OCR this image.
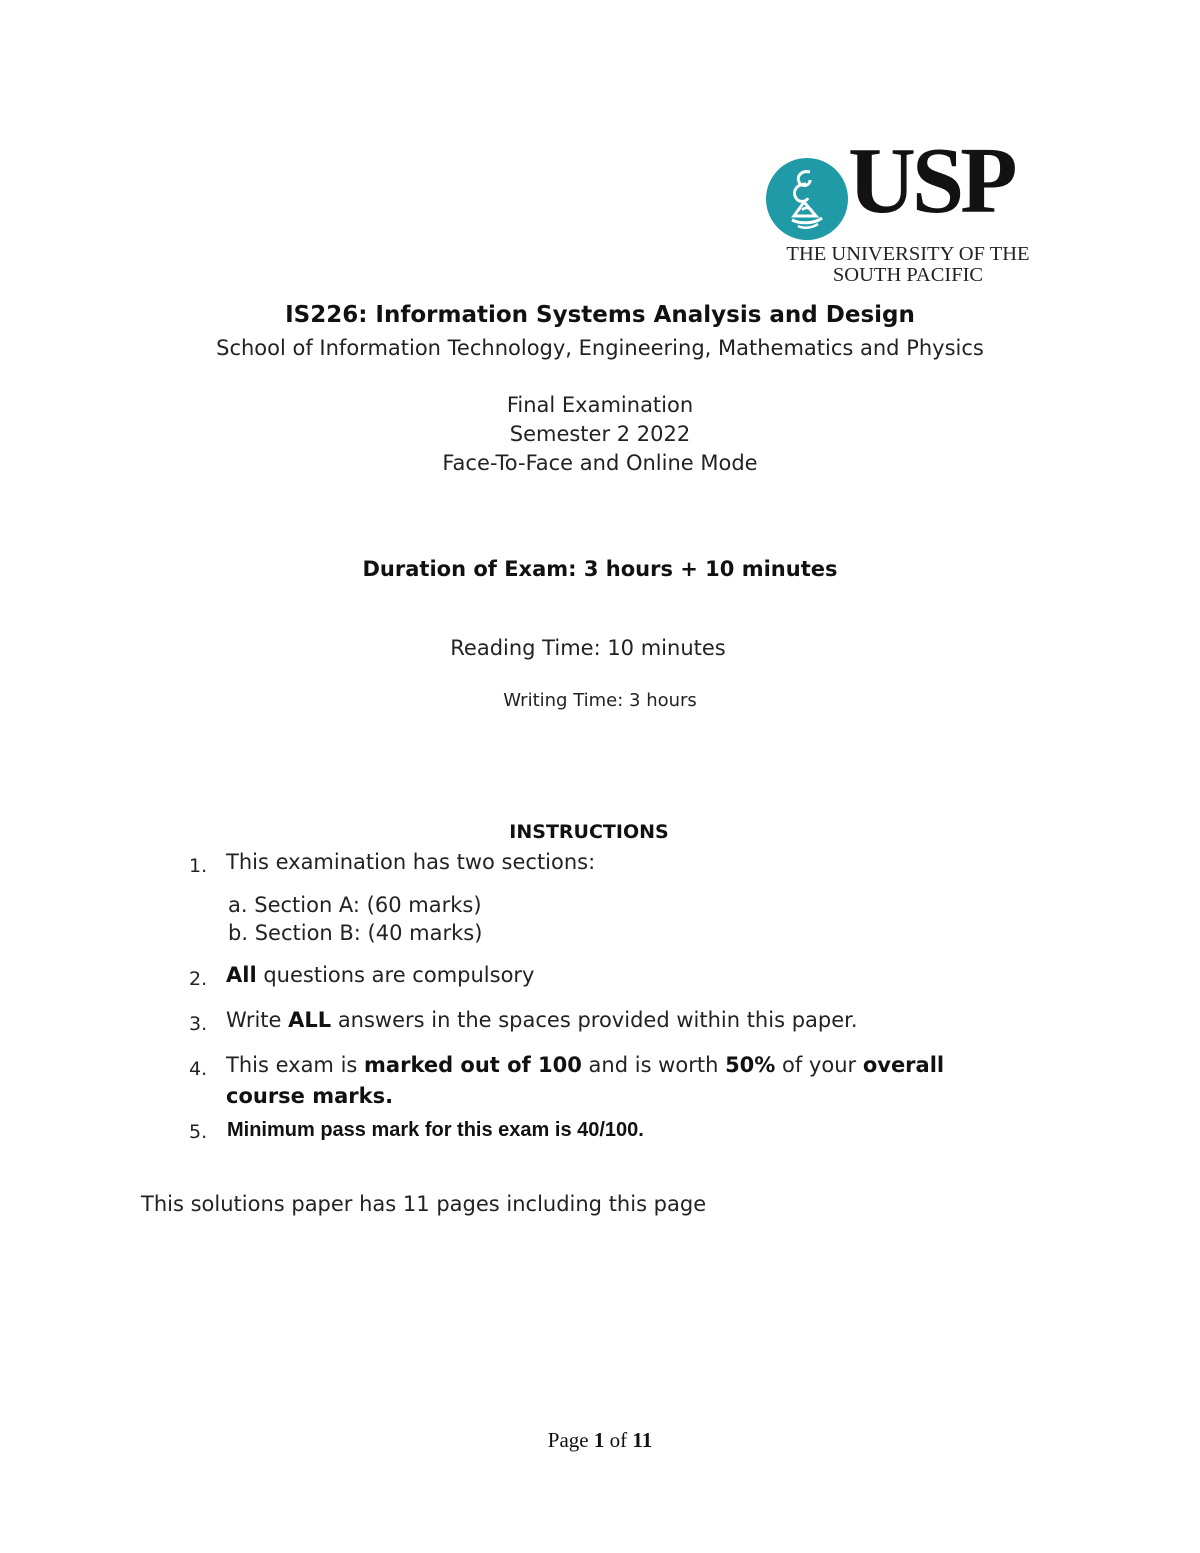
USP
THE UNIVERSITY OF THE
SOUTH PACIFIC
IS226: Information Systems Analysis and Design
School of Information Technology, Engineering, Mathematics and Physics
Final Examination
Semester 2 2022
Face-To-Face and Online Mode
Duration of Exam: 3 hours + 10 minutes
Reading Time: 10 minutes
Writing Time: 3 hours
INSTRUCTIONS
1. This examination has two sections:
a. Section A: (60 marks)
b. Section B: (40 marks)
2. All questions are compulsory
3. Write ALL answers in the spaces provided within this paper.
4. This exam is marked out of 100 and is worth 50% of your overall
course marks.
5. Minimum pass mark for this exam is 40/100.
This solutions paper has 11 pages including this page
Page 1 of 11
